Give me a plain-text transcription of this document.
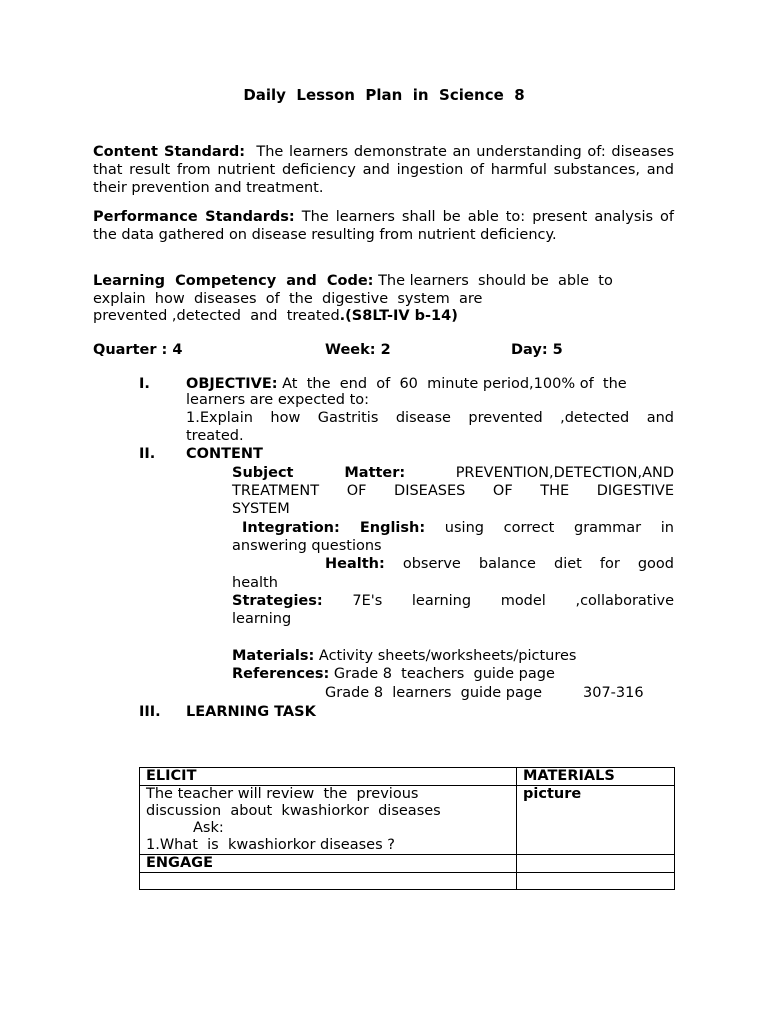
Daily  Lesson  Plan  in  Science  8
Content Standard: The learners demonstrate an understanding of: diseases that result from nutrient deficiency and ingestion of harmful substances, and their prevention and treatment.
Performance Standards: The learners shall be able to: present analysis of the data gathered on disease resulting from nutrient deficiency.
Learning  Competency  and  Code: The learners  should be  able  to
explain  how  diseases  of  the  digestive  system  are
prevented ,detected  and  treated.(S8LT-IV b-14)
Quarter : 4	Week: 2	Day: 5
I. OBJECTIVE: At  the  end  of  60  minute period,100% of  the
learners are expected to:
1.Explain how Gastritis disease prevented ,detected and
treated.
II. CONTENT
Subject Matter:	PREVENTION,DETECTION,AND
TREATMENT OF DISEASES OF THE DIGESTIVE
SYSTEM
Integration: English: using correct grammar in
answering questions
Health: observe balance diet for good
health
Strategies: 7E's learning model ,collaborative
learning
Materials: Activity sheets/worksheets/pictures
References: Grade 8  teachers  guide page
Grade 8  learners  guide page	307-316
III. LEARNING TASK
ELICIT	MATERIALS

The teacher will review  the  previous
discussion  about  kwashiorkor  diseases
Ask:
1.What  is  kwashiorkor diseases ?	picture
ENGAGE	
